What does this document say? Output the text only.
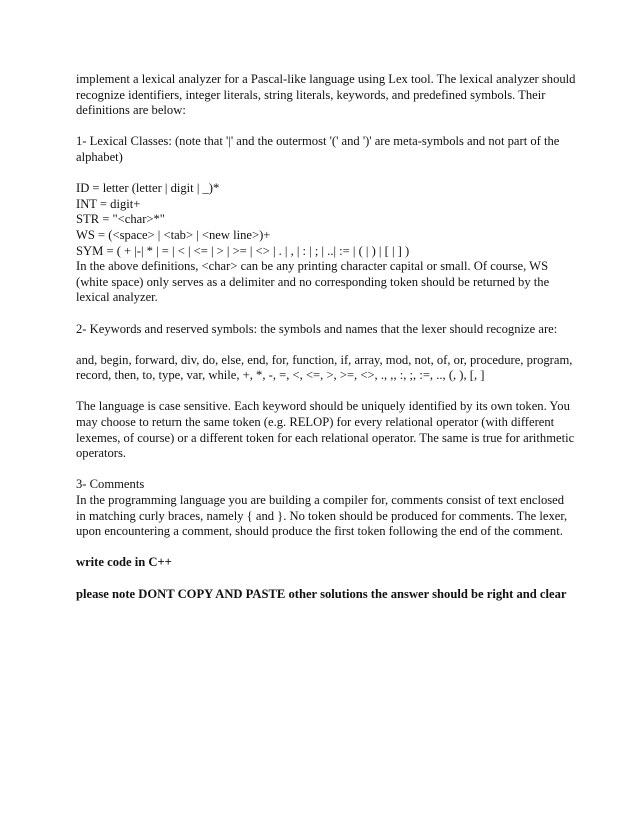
implement a lexical analyzer for a Pascal-like language using Lex tool. The lexical analyzer should recognize identifiers, integer literals, string literals, keywords, and predefined symbols. Their definitions are below:

1- Lexical Classes: (note that '|' and the outermost '(' and ')' are meta-symbols and not part of the alphabet)

ID = letter (letter | digit | _)*
INT = digit+
STR = "<char>*"
WS = (<space> | <tab> | <new line>)+
SYM = ( + |-| * | = | < | <= | > | >= | <> | . | , | : | ; | ..| := | ( | ) | [ | ] )

In the above definitions, <char> can be any printing character capital or small. Of course, WS (white space) only serves as a delimiter and no corresponding token should be returned by the lexical analyzer.

2- Keywords and reserved symbols: the symbols and names that the lexer should recognize are:

and, begin, forward, div, do, else, end, for, function, if, array, mod, not, of, or, procedure, program, record, then, to, type, var, while, +, *, -, =, <, <=, >, >=, <>, ., ,, :, ;, :=, .., (, ), [, ]

The language is case sensitive. Each keyword should be uniquely identified by its own token. You may choose to return the same token (e.g. RELOP) for every relational operator (with different lexemes, of course) or a different token for each relational operator. The same is true for arithmetic operators.

3- Comments

In the programming language you are building a compiler for, comments consist of text enclosed in matching curly braces, namely { and }. No token should be produced for comments. The lexer, upon encountering a comment, should produce the first token following the end of the comment.

write code in C++

please note DONT COPY AND PASTE other solutions the answer should be right and clear
